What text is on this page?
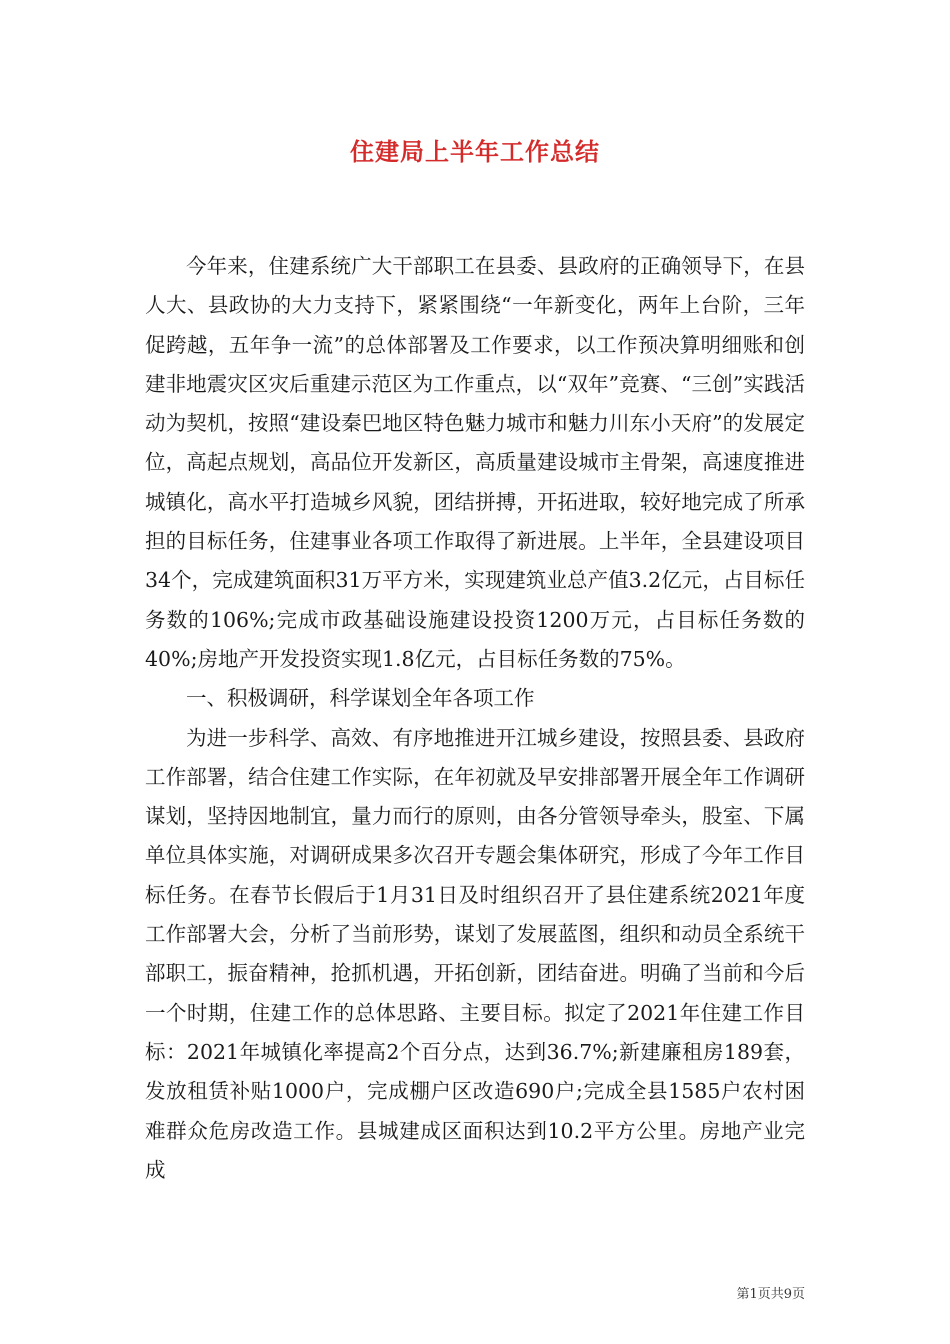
住建局上半年工作总结

今年来，住建系统广大干部职工在县委、县政府的正确领导下，在县人大、县政协的大力支持下，紧紧围绕“一年新变化，两年上台阶，三年促跨越，五年争一流”的总体部署及工作要求，以工作预决算明细账和创建非地震灾区灾后重建示范区为工作重点，以“双年”竞赛、“三创”实践活动为契机，按照“建设秦巴地区特色魅力城市和魅力川东小天府”的发展定位，高起点规划，高品位开发新区，高质量建设城市主骨架，高速度推进城镇化，高水平打造城乡风貌，团结拼搏，开拓进取，较好地完成了所承担的目标任务，住建事业各项工作取得了新进展。上半年，全县建设项目34个，完成建筑面积31万平方米，实现建筑业总产值3.2亿元，占目标任务数的106%;完成市政基础设施建设投资1200万元，占目标任务数的40%;房地产开发投资实现1.8亿元，占目标任务数的75%。

一、积极调研，科学谋划全年各项工作

为进一步科学、高效、有序地推进开江城乡建设，按照县委、县政府工作部署，结合住建工作实际，在年初就及早安排部署开展全年工作调研谋划，坚持因地制宜，量力而行的原则，由各分管领导牵头，股室、下属单位具体实施，对调研成果多次召开专题会集体研究，形成了今年工作目标任务。在春节长假后于1月31日及时组织召开了县住建系统2021年度工作部署大会，分析了当前形势，谋划了发展蓝图，组织和动员全系统干部职工，振奋精神，抢抓机遇，开拓创新，团结奋进。明确了当前和今后一个时期，住建工作的总体思路、主要目标。拟定了2021年住建工作目标：2021年城镇化率提高2个百分点，达到36.7%;新建廉租房189套，发放租赁补贴1000户，完成棚户区改造690户;完成全县1585户农村困难群众危房改造工作。县城建成区面积达到10.2平方公里。房地产业完成

第1页共9页
